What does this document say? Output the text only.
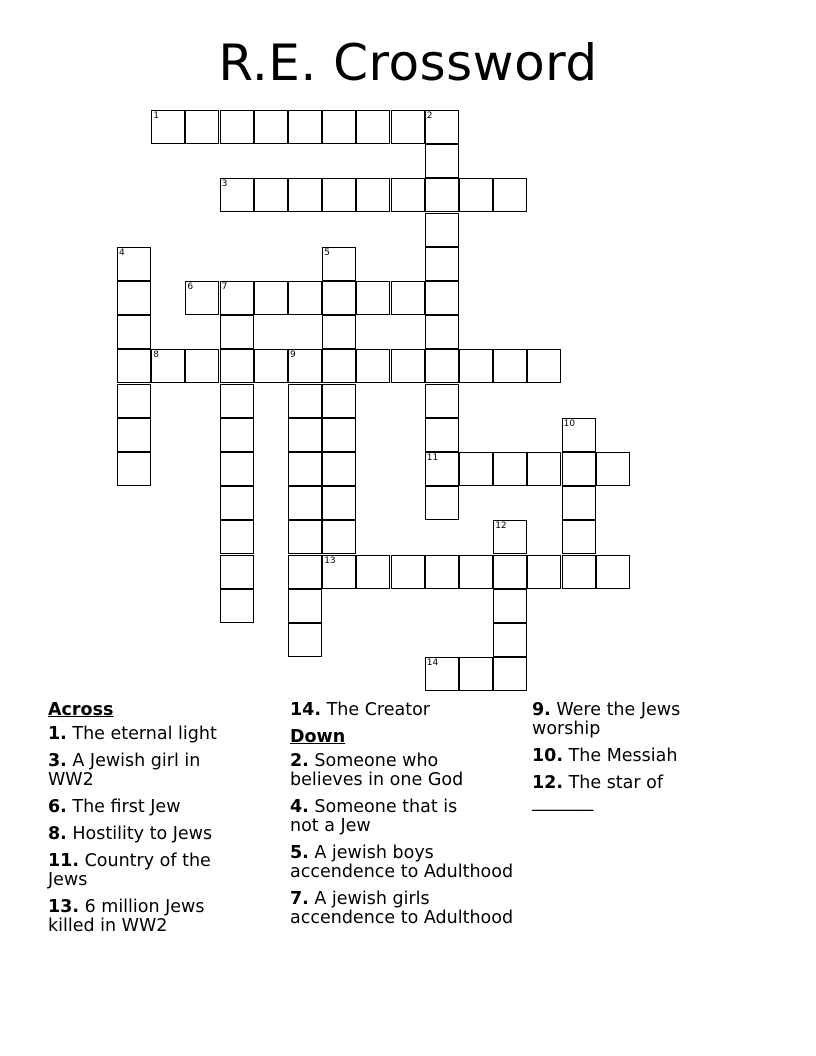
R.E. Crossword
1	2
11
3
4	5
6	7
8	9
10
12
13
14
Across
1. The eternal light
3. A Jewish girl in
WW2
6. The first Jew
8. Hostility to Jews
11. Country of the
Jews
13. 6 million Jews
killed in WW2
14. The Creator
Down
2. Someone who
believes in one God
4. Someone that is
not a Jew
5. A jewish boys
accendence to Adulthood
7. A jewish girls
accendence to Adulthood
9. Were the Jews
worship
10. The Messiah
12. The star of
_______
